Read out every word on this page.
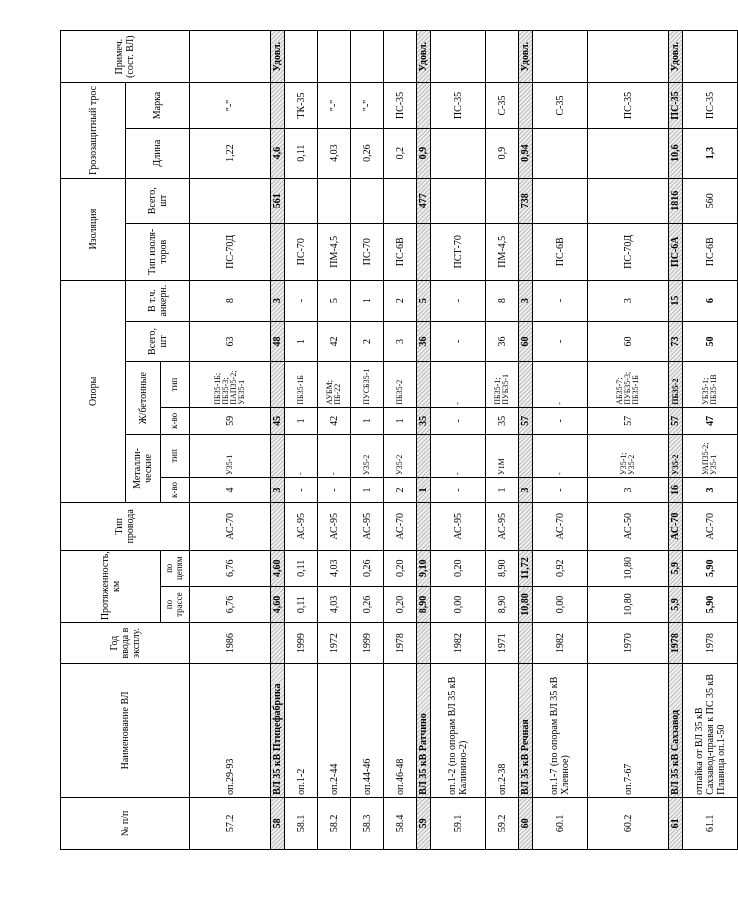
№ п/п	Наименование ВЛ	Год ввода в эксплу.	Протяженность, км		Тип провода	Опоры						Изоляция		Грозозащитный трос		Примеч. (сост. ВЛ)
						Металли-ческие		Ж/бетонные		Всего, шт	В т.ч. анкерн.	Тип изоля-торов	Всего, шт	Длина	Марка	
			по трассе	по цепям		к-во	тип	к-во	тип							
57.2	оп.29-93	1986	6,76	6,76	АС-70	4	У35-1	59	ПБ35-1Б; ПБ35-3; ПАП35-2; УБ35-1	63	8	ПС-70Д		1,22	"-"	
58	ВЛ 35 кВ Птицефабрика		4,60	4,60		3		45		48	3		561	4,6		Удовл.
58.1	оп.1-2	1999	0,11	0,11	АС-95	-	-	1	ПБ35-1Б	1	-	ПС-70		0,11	ТК-35	
58.2	оп.2-44	1972	4,03	4,03	АС-95	-	-	42	АУБМ; ПБ-22	42	5	ПМ-4,5		4,03	"-"	
58.3	оп.44-46	1999	0,26	0,26	АС-95	1	У35-2	1	ПУСБ35-1	2	1	ПС-70		0,26	"-"	
58.4	оп.46-48	1978	0,20	0,20	АС-70	2	У35-2	1	ПБ35-2	3	2	ПС-6В		0,2	ПС-35	
59	ВЛ 35 кВ Ратчино		8,90	9,10		1		35		36	5		477	0,9		Удовл.
59.1	оп.1-2 (по опорам ВЛ 35 кВ Калинино-2)	1982	0,00	0,20	АС-95	-	-	-	-	-	-	ПСТ-70			ПС-35	
59.2	оп.2-38	1971	8,90	8,90	АС-95	1	У1М	35	ПБ35-1; ПУБ35-1	36	8	ПМ-4,5		0,9	С-35	
60	ВЛ 35 кВ Речная		10,80	11,72		3		57		60	3		738	0,94		Удовл.
60.1	оп.1-7 (по опорам ВЛ 35 кВ Хлевное)	1982	0,00	0,92	АС-70	-	-	-	-	-	-	ПС-6В			С-35	
60.2	оп.7-67	1970	10,80	10,80	АС-50	3	У35-1; У35-2	57	АБ35-7; ПУБ35-3; ПБ35-1Б	60	3	ПС-70Д			ПС-35	
61	ВЛ 35 кВ Сахзавод	1978	5,9	5,9	АС-70	16	У35-2	57	ПБ35-2	73	15	ПС-6А	1816	10,6	ПС-35	Удовл.
61.1	отпайка от ВЛ 35 кВ Сахзавод-правая к ПС 35 кВ Плавица оп.1-50	1978	5,90	5,90	АС-70	3	УАП35-2; У35-1	47	УБ35-1; ПБ35-1В	50	6	ПС-6В	560	1,3	ПС-35	
